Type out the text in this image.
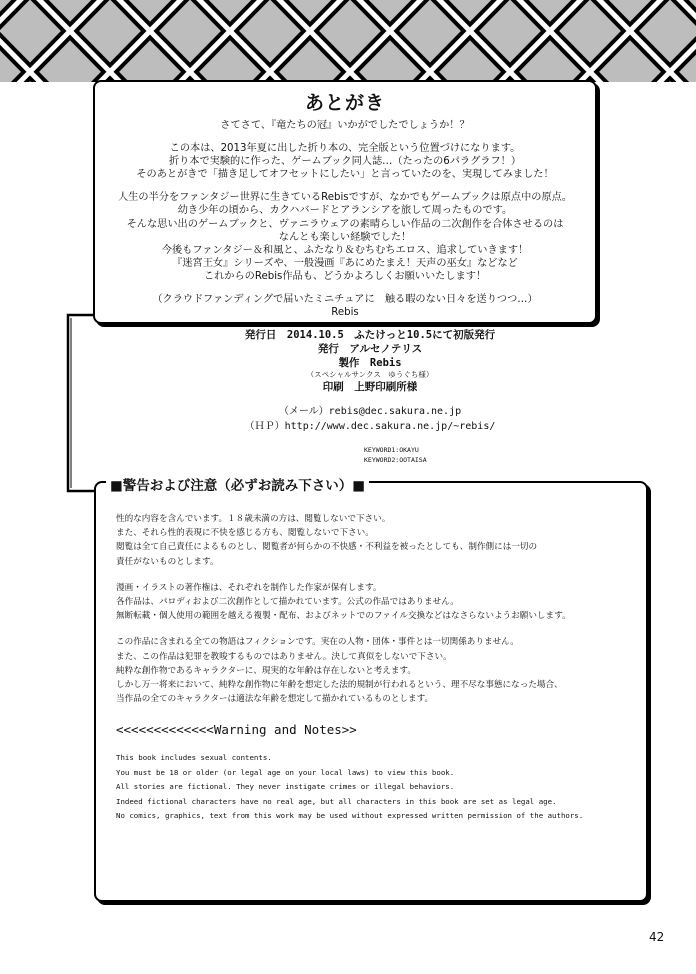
あとがき
さてさて、『竜たちの冠』いかがでしたでしょうか！？
この本は、2013年夏に出した折り本の、完全版という位置づけになります。
折り本で実験的に作った、ゲームブック同人誌…（たったの6パラグラフ！）
そのあとがきで「描き足してオフセットにしたい」と言っていたのを、実現してみました！
人生の半分をファンタジー世界に生きているRebisですが、なかでもゲームブックは原点中の原点。
幼き少年の頃から、カクハバードとアランシアを旅して周ったものです。
そんな思い出のゲームブックと、ヴァニラウェアの素晴らしい作品の二次創作を合体させるのは
なんとも楽しい経験でした！
今後もファンタジー＆和風と、ふたなり＆むちむちエロス、追求していきます！
『迷宮王女』シリーズや、一般漫画『あにめたまえ！天声の巫女』などなど
これからのRebis作品も、どうかよろしくお願いいたします！
（クラウドファンディングで届いたミニチュアに　触る暇のない日々を送りつつ…）
Rebis
発行日　2014.10.5　ふたけっと10.5にて初版発行
発行　アルセノテリス
製作　Rebis
（スペシャルサンクス　ゆうぐち様）
印刷　上野印刷所様
（メール）rebis@dec.sakura.ne.jp
（ＨＰ）http://www.dec.sakura.ne.jp/~rebis/
KEYWORD1:OKAYU
KEYWORD2:OOTAISA
■警告および注意（必ずお読み下さい）■
性的な内容を含んでいます。１８歳未満の方は、閲覧しないで下さい。
また、それら性的表現に不快を感じる方も、閲覧しないで下さい。
閲覧は全て自己責任によるものとし、閲覧者が何らかの不快感・不利益を被ったとしても、制作側には一切の
責任がないものとします。
漫画・イラストの著作権は、それぞれを制作した作家が保有します。
各作品は、パロディおよび二次創作として描かれています。公式の作品ではありません。
無断転載・個人使用の範囲を越える複製・配布、およびネットでのファイル交換などはなさらないようお願いします。
この作品に含まれる全ての物語はフィクションです。実在の人物・団体・事件とは一切関係ありません。
また、この作品は犯罪を教唆するものではありません。決して真似をしないで下さい。
純粋な創作物であるキャラクターに、現実的な年齢は存在しないと考えます。
しかし万一将来において、純粋な創作物に年齢を想定した法的規制が行われるという、理不尽な事態になった場合、
当作品の全てのキャラクターは適法な年齢を想定して描かれているものとします。
<<<<<<<<<<<<<Warning and Notes>>
This book includes sexual contents.
You must be 18 or older (or legal age on your local laws) to view this book.
All stories are fictional. They never instigate crimes or illegal behaviors.
Indeed fictional characters have no real age, but all characters in this book are set as legal age.
No comics, graphics, text from this work may be used without expressed written permission of the authors.
42
